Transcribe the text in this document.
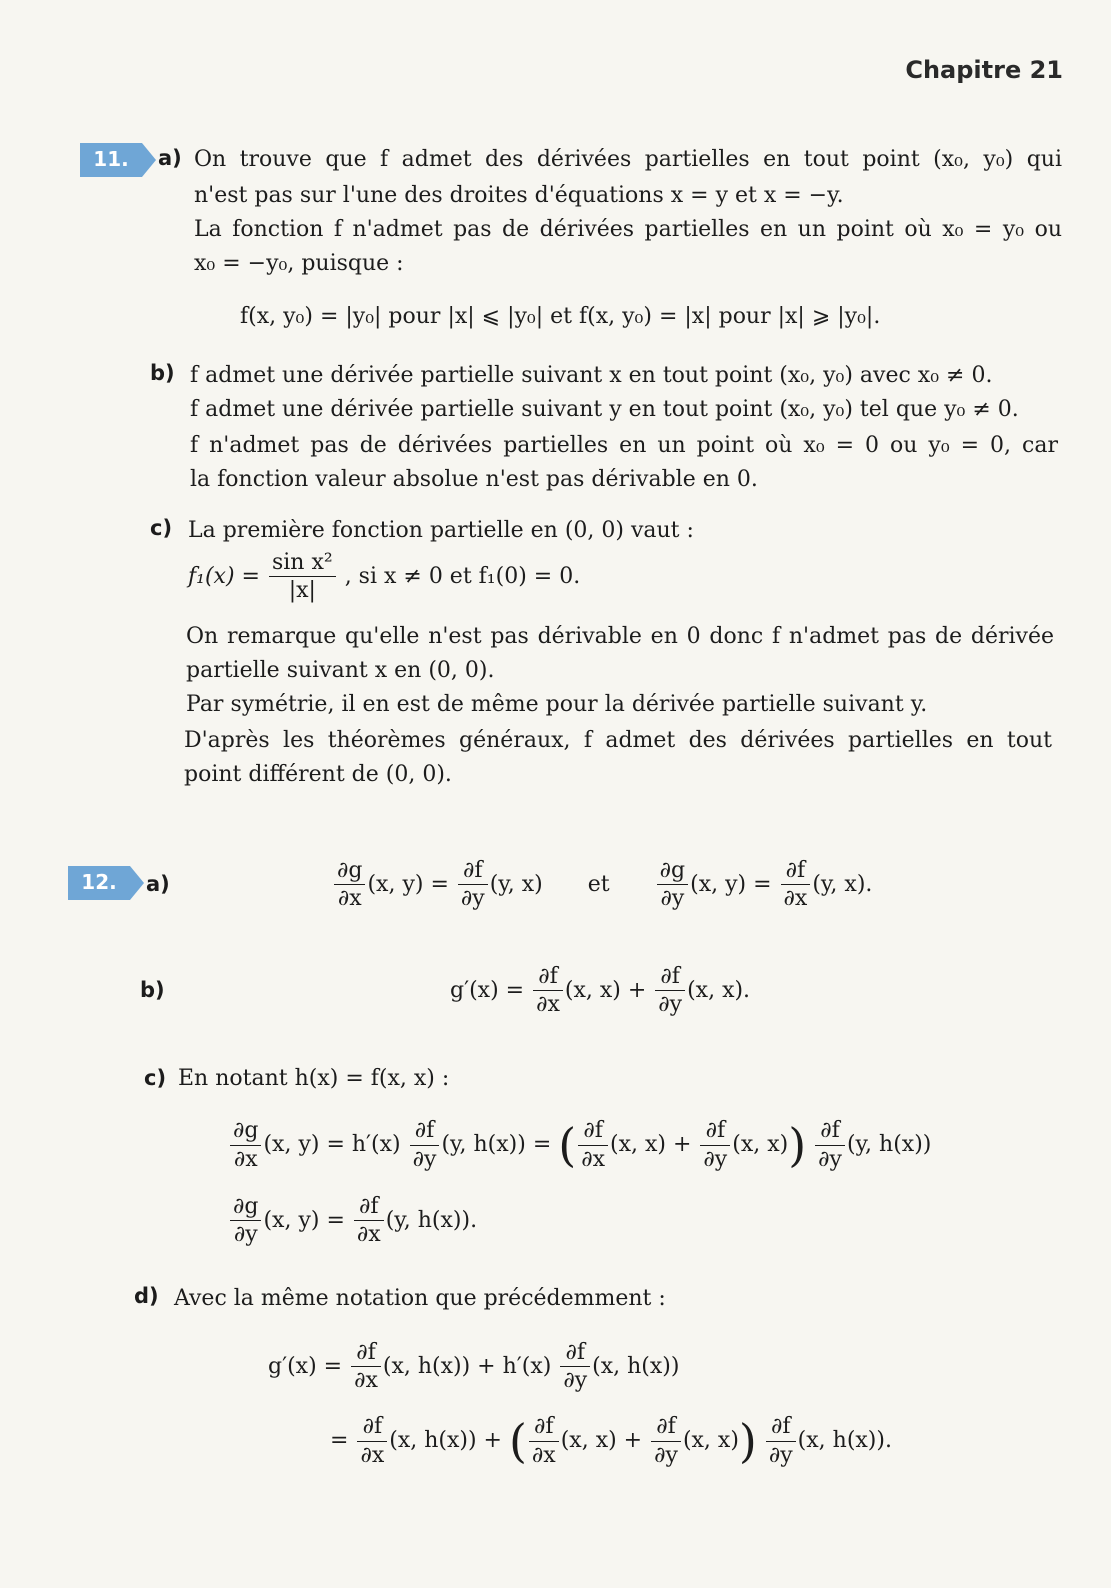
Chapitre 21
11.	a) On trouve que f admet des dérivées partielles en tout point (x₀, y₀) qui
n'est pas sur l'une des droites d'équations x = y et x = −y.
La fonction f n'admet pas de dérivées partielles en un point où x₀ = y₀ ou
x₀ = −y₀, puisque :
f(x, y₀) = |y₀| pour |x| ⩽ |y₀| et f(x, y₀) = |x| pour |x| ⩾ |y₀|.
b) f admet une dérivée partielle suivant x en tout point (x₀, y₀) avec x₀ ≠ 0.
f admet une dérivée partielle suivant y en tout point (x₀, y₀) tel que y₀ ≠ 0.
f n'admet pas de dérivées partielles en un point où x₀ = 0 ou y₀ = 0, car
la fonction valeur absolue n'est pas dérivable en 0.
c) La première fonction partielle en (0, 0) vaut :
$f_1(x) = \frac{\text{sin x²}}{|x|}$ , si x ≠ 0 et f₁(0) = 0.
On remarque qu'elle n'est pas dérivable en 0 donc f n'admet pas de dérivée
partielle suivant x en (0, 0).
Par symétrie, il en est de même pour la dérivée partielle suivant y.
D'après les théorèmes généraux, f admet des dérivées partielles en tout
point différent de (0, 0).
12.	a)	$\frac{\partial g}{\partial x} (x$, $y) = \frac{\partial f}{\partial y} (y$, x) et $\frac{\partial g}{\partial y} (x$, $y) = \frac{\partial f}{\partial x} (y$, x).
b)	$g'(x) = \frac{\partial f}{\partial x} (x$, $x) + \frac{\partial f}{\partial y} (x$, x).
c) En notant h(x) = f(x, x) :
$\frac{\partial g}{\partial x} (x$, $y) = h'(x) \frac{\partial f}{\partial y} (y$, h(x)) = ( $\frac{\partial f}{\partial x} (x$, $x) + \frac{\partial f}{\partial y} (x$, $x)) \frac{\partial f}{\partial y} (y$, h(x))
$\frac{\partial g}{\partial y} (x$, $y) = \frac{\partial f}{\partial x} (y$, h(x)).
d) Avec la même notation que précédemment :
$g'(x) = \frac{\partial f}{\partial x} (x$, $h(x)) + h'(x) \frac{\partial f}{\partial y} (x$, h(x))
= $\frac{\partial f}{\partial x} (x$, h(x)) + ( $\frac{\partial f}{\partial x} (x$, $x) + \frac{\partial f}{\partial y} (x$, $x)) \frac{\partial f}{\partial y} (x$, h(x)).
